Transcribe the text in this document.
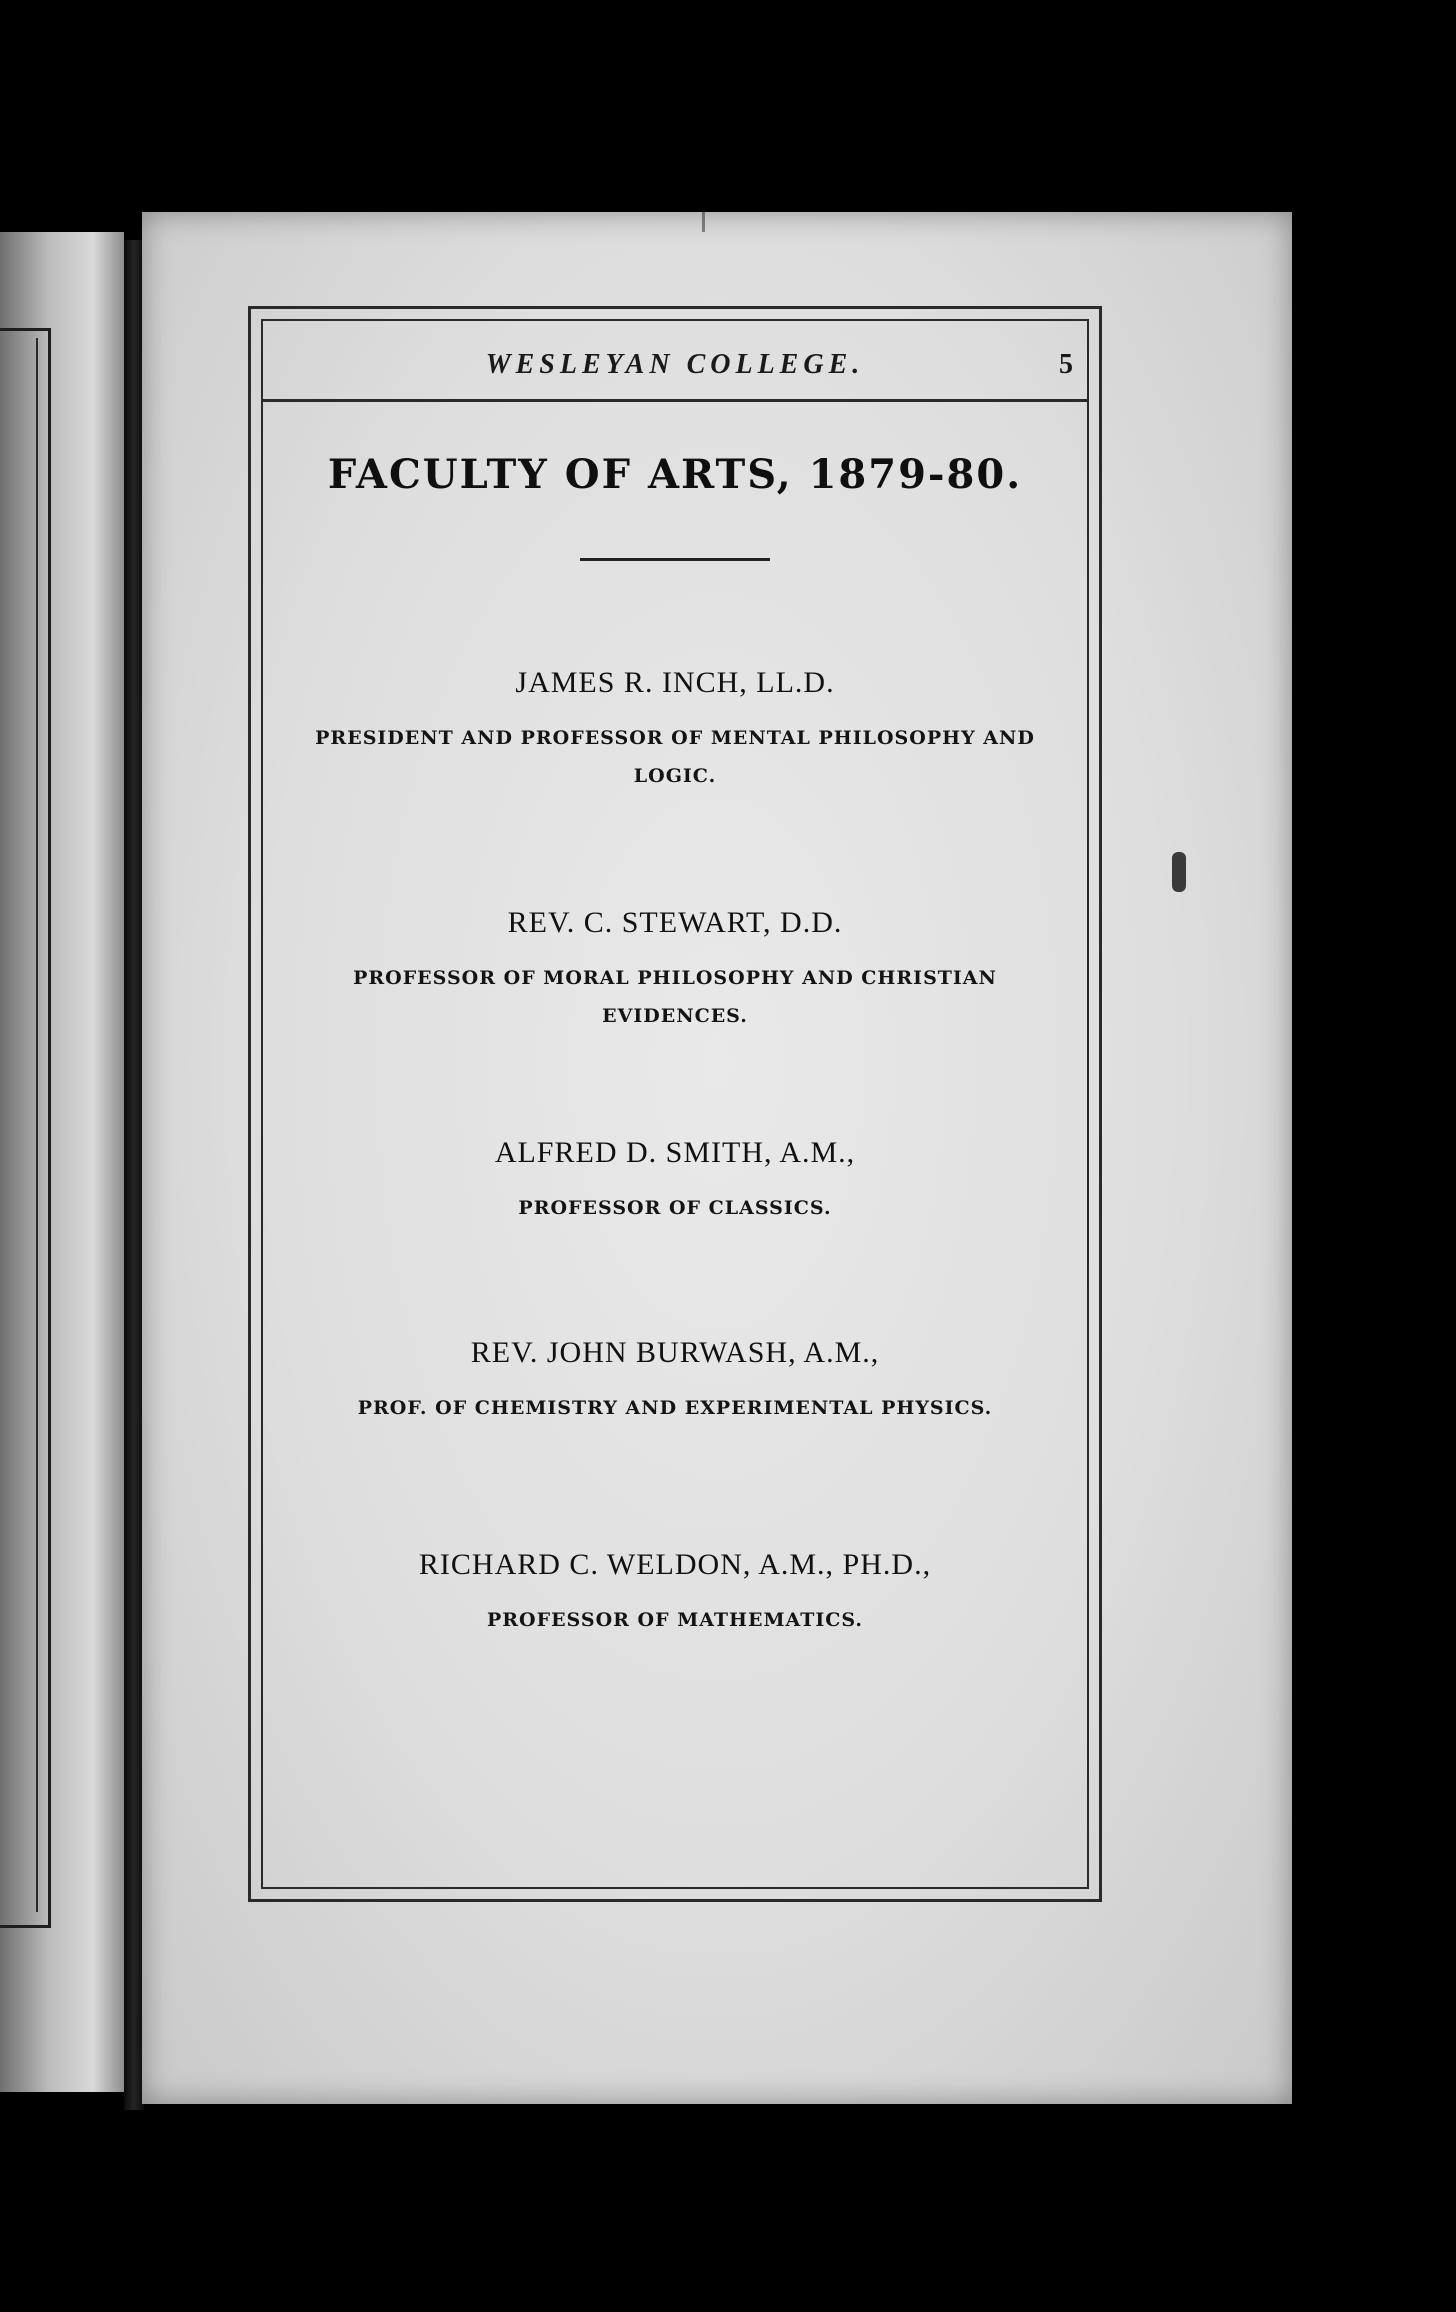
WESLEYAN COLLEGE.	5
FACULTY OF ARTS, 1879-80.

JAMES R. INCH, LL.D.

PRESIDENT AND PROFESSOR OF MENTAL PHILOSOPHY AND LOGIC.

REV. C. STEWART, D.D.

PROFESSOR OF MORAL PHILOSOPHY AND CHRISTIAN EVIDENCES.

ALFRED D. SMITH, A.M.,

PROFESSOR OF CLASSICS.

REV. JOHN BURWASH, A.M.,

PROF. OF CHEMISTRY AND EXPERIMENTAL PHYSICS.

RICHARD C. WELDON, A.M., PH.D.,

PROFESSOR OF MATHEMATICS.
